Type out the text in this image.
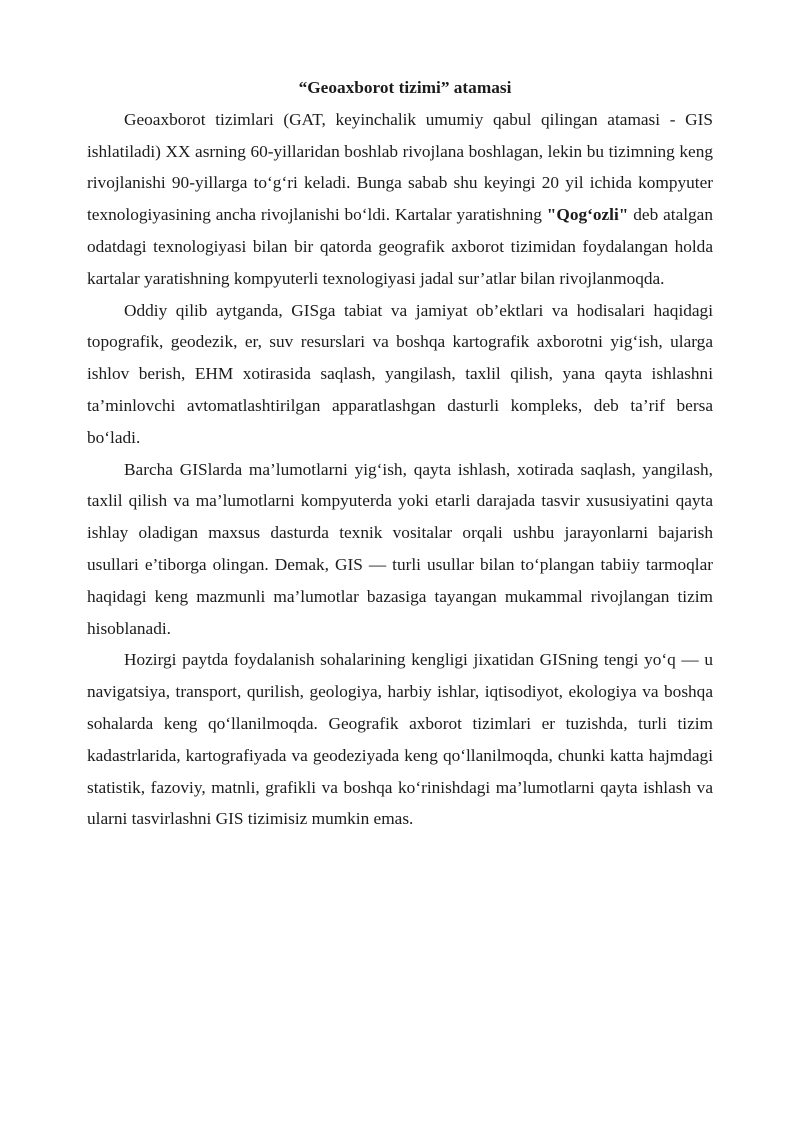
“Geoaxborot tizimi” atamasi

Geoaxborot tizimlari (GAT, keyinchalik umumiy qabul qilingan atamasi - GIS ishlatiladi) XX asrning 60-yillaridan boshlab rivojlana boshlagan, lekin bu tizimning keng rivojlanishi 90-yillarga to‘g‘ri keladi. Bunga sabab shu keyingi 20 yil ichida kompyuter texnologiyasining ancha rivojlanishi bo‘ldi. Kartalar yaratishning "Qog‘ozli" deb atalgan odatdagi texnologiyasi bilan bir qatorda geografik axborot tizimidan foydalangan holda kartalar yaratishning kompyuterli texnologiyasi jadal sur’atlar bilan rivojlanmoqda.

Oddiy qilib aytganda, GISga tabiat va jamiyat ob’ektlari va hodisalari haqidagi topografik, geodezik, er, suv resurslari va boshqa kartografik axborotni yig‘ish, ularga ishlov berish, EHM xotirasida saqlash, yangilash, taxlil qilish, yana qayta ishlashni ta’minlovchi avtomatlashtirilgan apparatlashgan dasturli kompleks, deb ta’rif bersa bo‘ladi.

Barcha GISlarda ma’lumotlarni yig‘ish, qayta ishlash, xotirada saqlash, yangilash, taxlil qilish va ma’lumotlarni kompyuterda yoki etarli darajada tasvir xususiyatini qayta ishlay oladigan maxsus dasturda texnik vositalar orqali ushbu jarayonlarni bajarish usullari e’tiborga olingan. Demak, GIS — turli usullar bilan to‘plangan tabiiy tarmoqlar haqidagi keng mazmunli ma’lumotlar bazasiga tayangan mukammal rivojlangan tizim hisoblanadi.

Hozirgi paytda foydalanish sohalarining kengligi jixatidan GISning tengi yo‘q — u navigatsiya, transport, qurilish, geologiya, harbiy ishlar, iqtisodiyot, ekologiya va boshqa sohalarda keng qo‘llanilmoqda. Geografik axborot tizimlari er tuzishda, turli tizim kadastrlarida, kartografiyada va geodeziyada keng qo‘llanilmoqda, chunki katta hajmdagi statistik, fazoviy, matnli, grafikli va boshqa ko‘rinishdagi ma’lumotlarni qayta ishlash va ularni tasvirlashni GIS tizimisiz mumkin emas.
